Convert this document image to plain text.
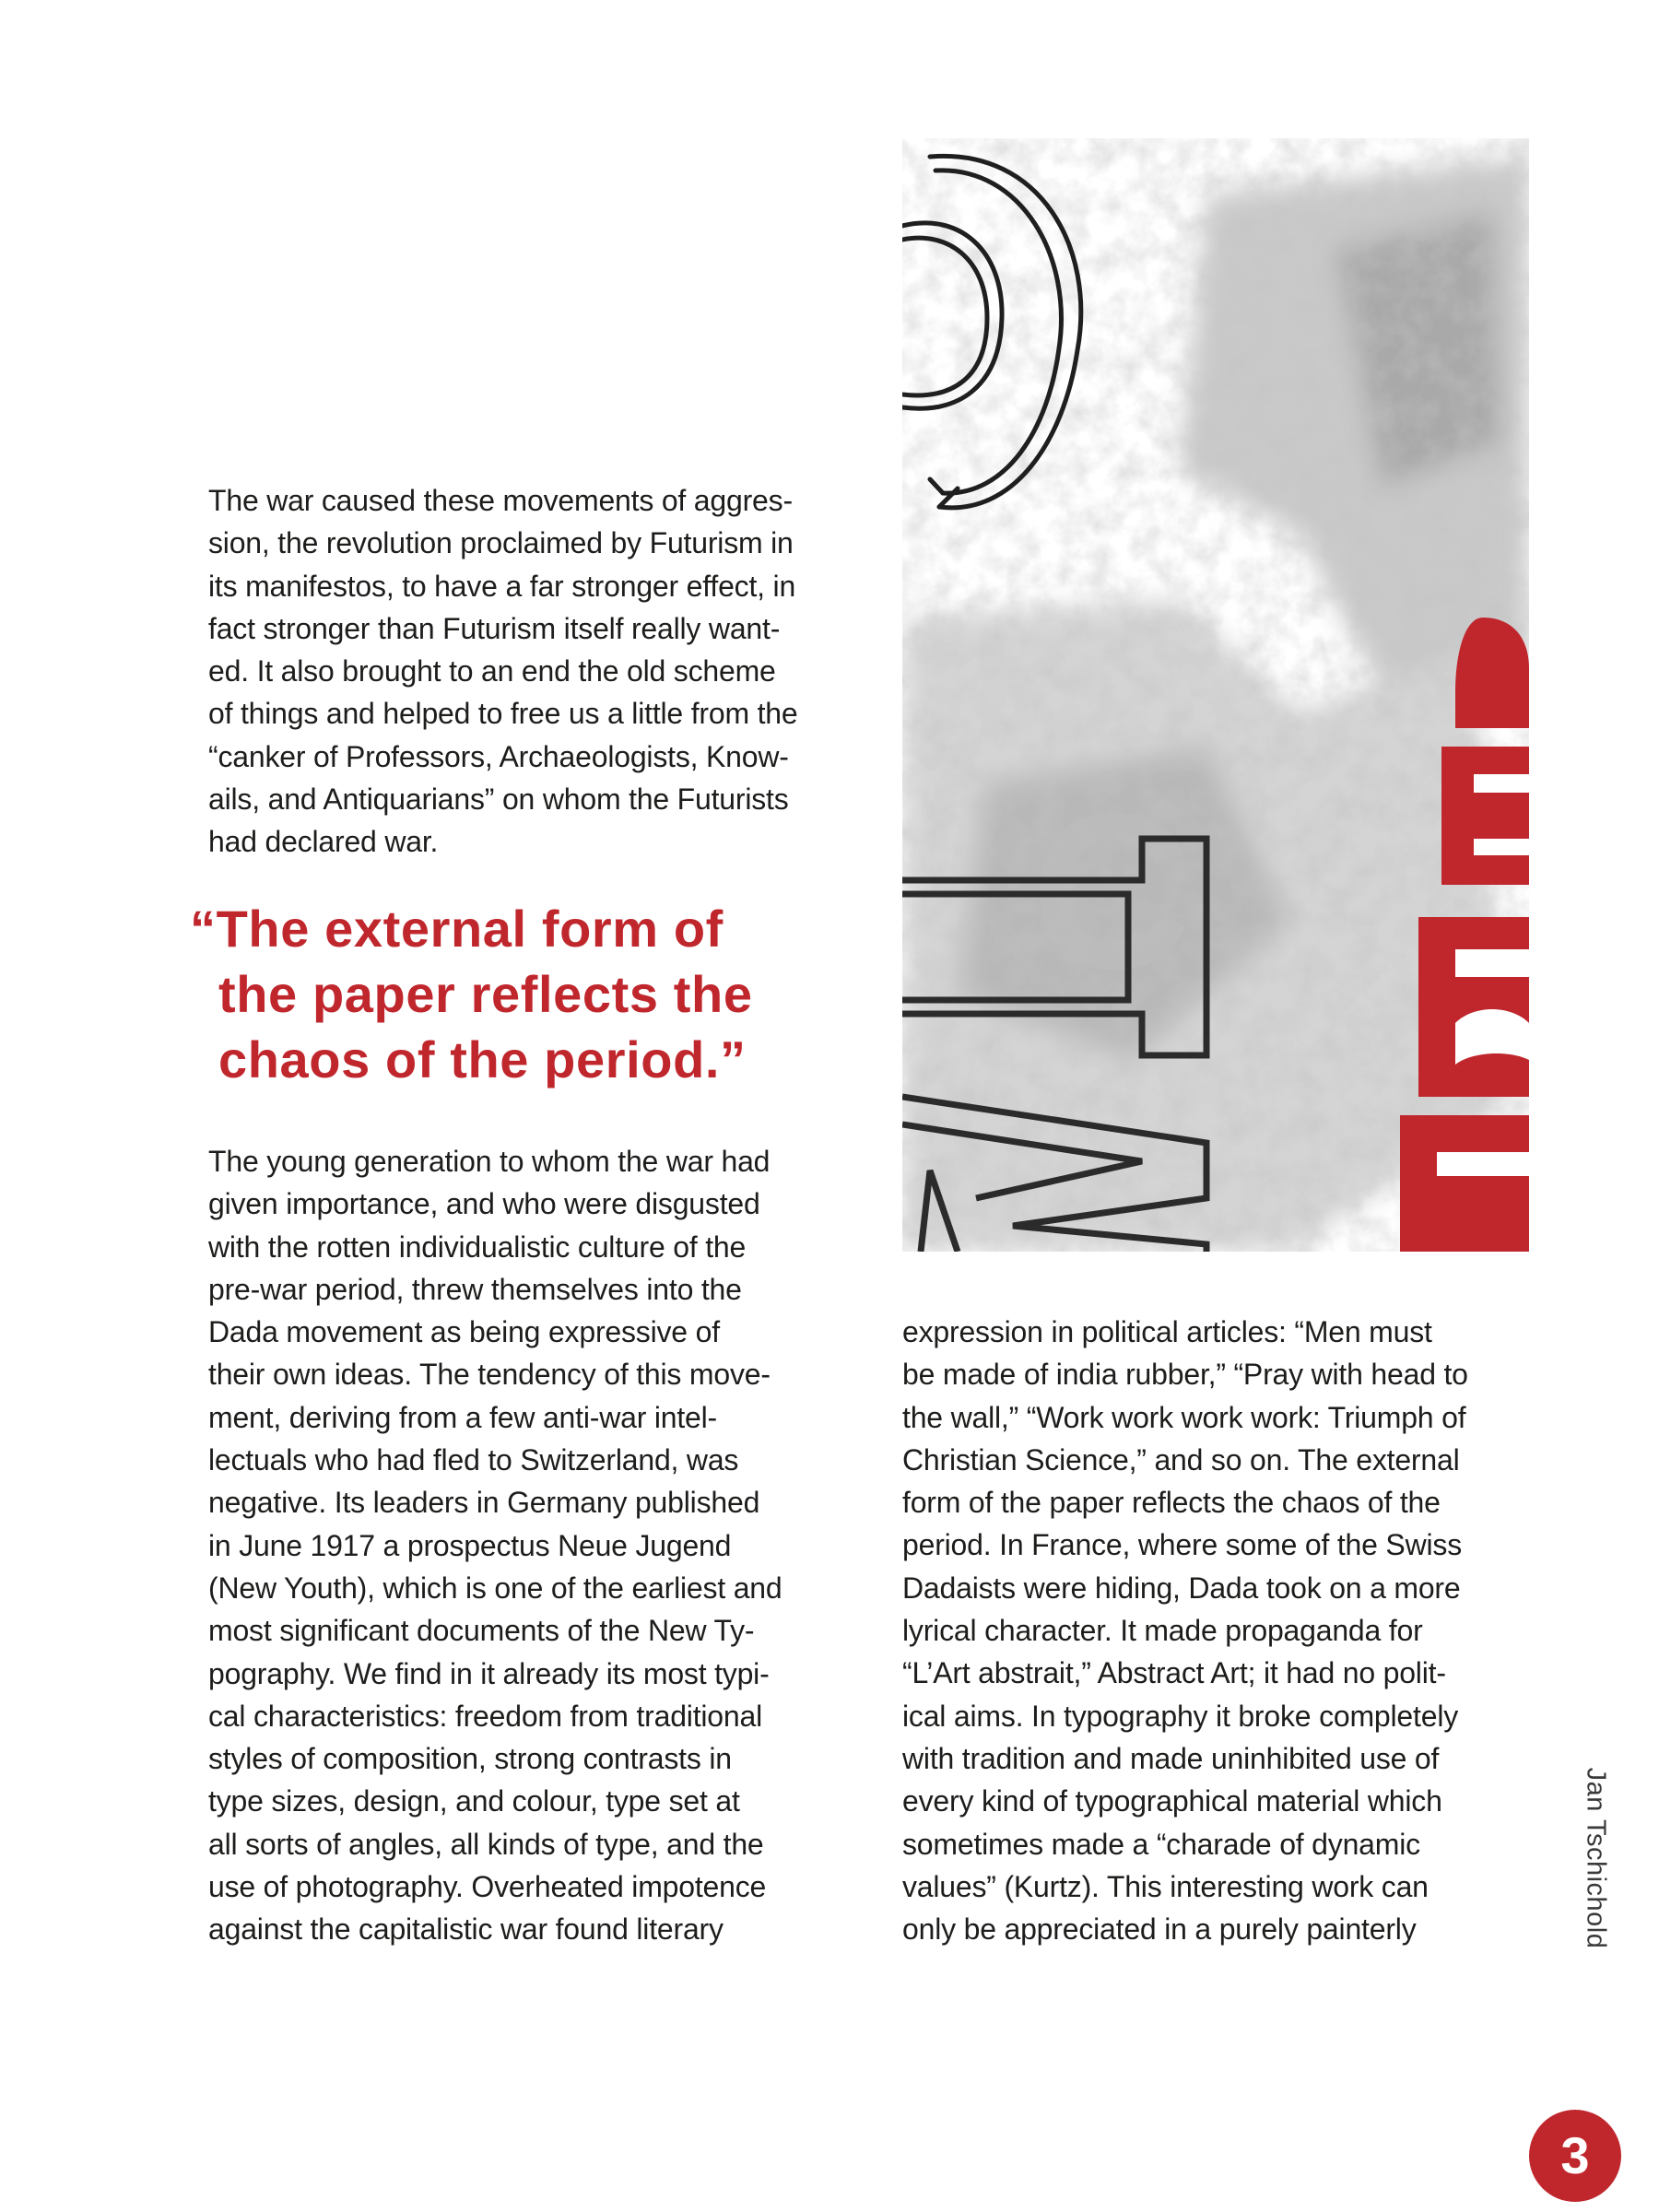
C

The war caused these movements of aggres-
sion, the revolution proclaimed by Futurism in
its manifestos, to have a far stronger effect, in
fact stronger than Futurism itself really want-
ed. It also brought to an end the old scheme
of things and helped to free us a little from the
“canker of Professors, Archaeologists, Know-
ails, and Antiquarians” on whom the Futurists
had declared war.

“The external form of
the paper reflects the
chaos of the period.”

The young generation to whom the war had
given importance, and who were disgusted
with the rotten individualistic culture of the
pre-war period, threw themselves into the
Dada movement as being expressive of
their own ideas. The tendency of this move-
ment, deriving from a few anti-war intel-
lectuals who had fled to Switzerland, was
negative. Its leaders in Germany published
in June 1917 a prospectus Neue Jugend
(New Youth), which is one of the earliest and
most significant documents of the New Ty-
pography. We find in it already its most typi-
cal characteristics: freedom from traditional
styles of composition, strong contrasts in
type sizes, design, and colour, type set at
all sorts of angles, all kinds of type, and the
use of photography. Overheated impotence
against the capitalistic war found literary

expression in political articles: “Men must
be made of india rubber,” “Pray with head to
the wall,” “Work work work work: Triumph of
Christian Science,” and so on. The external
form of the paper reflects the chaos of the
period. In France, where some of the Swiss
Dadaists were hiding, Dada took on a more
lyrical character. It made propaganda for
“L’Art abstrait,” Abstract Art; it had no polit-
ical aims. In typography it broke completely
with tradition and made uninhibited use of
every kind of typographical material which
sometimes made a “charade of dynamic
values” (Kurtz). This interesting work can
only be appreciated in a purely painterly	Jan Tschichold
3
